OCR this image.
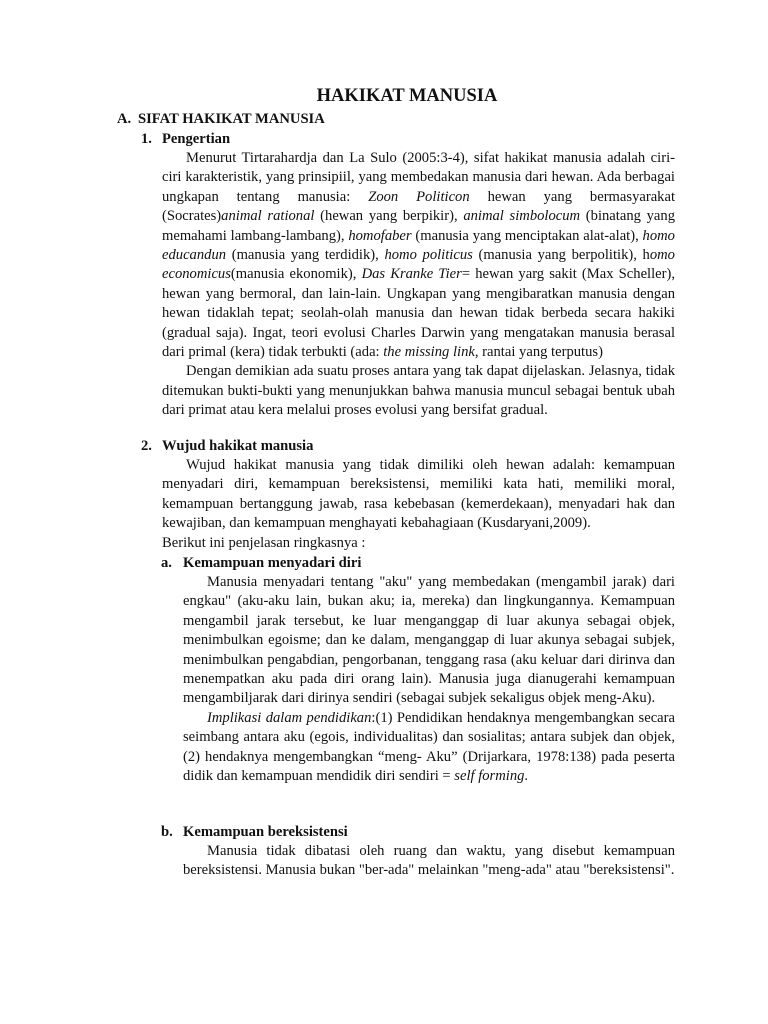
HAKIKAT MANUSIA
A. SIFAT HAKIKAT MANUSIA
1. Pengertian

Menurut Tirtarahardja dan La Sulo (2005:3-4), sifat hakikat manusia adalah ciri-ciri karakteristik, yang prinsipiil, yang membedakan manusia dari hewan. Ada berbagai ungkapan tentang manusia: Zoon Politicon hewan yang bermasyarakat (Socrates)animal rational (hewan yang berpikir), animal simbolocum (binatang yang memahami lambang-lambang), homofaber (manusia yang menciptakan alat-alat), homo educandun (manusia yang terdidik), homo politicus (manusia yang berpolitik), homo economicus(manusia ekonomik), Das Kranke Tier= hewan yarg sakit (Max Scheller), hewan yang bermoral, dan lain-lain. Ungkapan yang mengibaratkan manusia dengan hewan tidaklah tepat; seolah-olah manusia dan hewan tidak berbeda secara hakiki (gradual saja). Ingat, teori evolusi Charles Darwin yang mengatakan manusia berasal dari primal (kera) tidak terbukti (ada: the missing link, rantai yang terputus)

Dengan demikian ada suatu proses antara yang tak dapat dijelaskan. Jelasnya, tidak ditemukan bukti-bukti yang menunjukkan bahwa manusia muncul sebagai bentuk ubah dari primat atau kera melalui proses evolusi yang bersifat gradual.

2. Wujud hakikat manusia

Wujud hakikat manusia yang tidak dimiliki oleh hewan adalah: kemampuan menyadari diri, kemampuan bereksistensi, memiliki kata hati, memiliki moral, kemampuan bertanggung jawab, rasa kebebasan (kemerdekaan), menyadari hak dan kewajiban, dan kemampuan menghayati kebahagiaan (Kusdaryani,2009).

Berikut ini penjelasan ringkasnya :
a. Kemampuan menyadari diri

Manusia menyadari tentang "aku" yang membedakan (mengambil jarak) dari engkau" (aku-aku lain, bukan aku; ia, mereka) dan lingkungannya. Kemampuan mengambil jarak tersebut, ke luar menganggap di luar akunya sebagai objek, menimbulkan egoisme; dan ke dalam, menganggap di luar akunya sebagai subjek, menimbulkan pengabdian, pengorbanan, tenggang rasa (aku keluar dari dirinva dan menempatkan aku pada diri orang lain). Manusia juga dianugerahi kemampuan mengambiljarak dari dirinya sendiri (sebagai subjek sekaligus objek meng-Aku).

Implikasi dalam pendidikan:(1) Pendidikan hendaknya mengembangkan secara seimbang antara aku (egois, individualitas) dan sosialitas; antara subjek dan objek, (2) hendaknya mengembangkan “meng- Aku” (Drijarkara, 1978:138) pada peserta didik dan kemampuan mendidik diri sendiri = self forming.

b. Kemampuan bereksistensi

Manusia tidak dibatasi oleh ruang dan waktu, yang disebut kemampuan bereksistensi. Manusia bukan "ber-ada" melainkan "meng-ada" atau "bereksistensi".
